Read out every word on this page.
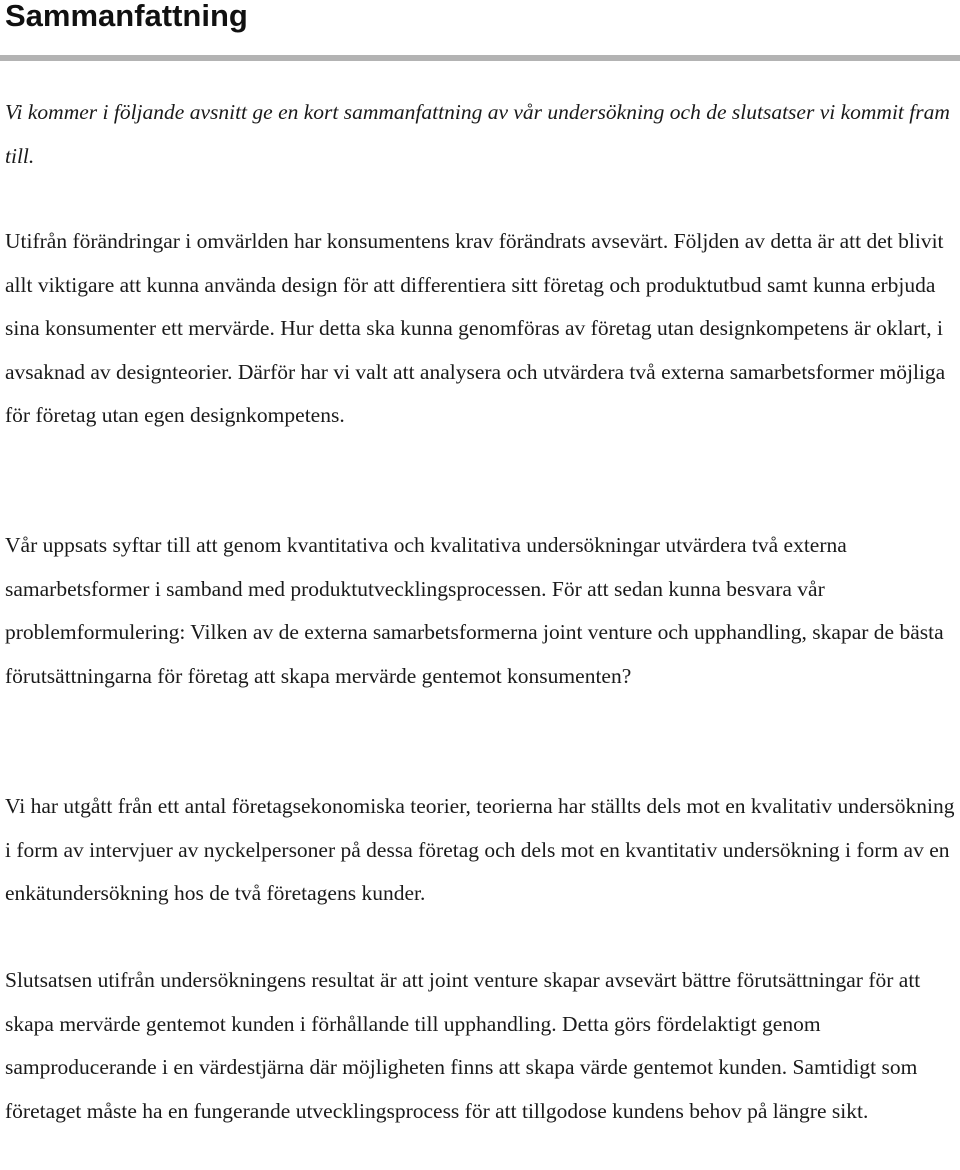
Sammanfattning

Vi kommer i följande avsnitt ge en kort sammanfattning av vår undersökning och de slutsatser vi kommit fram till.

Utifrån förändringar i omvärlden har konsumentens krav förändrats avsevärt. Följden av detta är att det blivit allt viktigare att kunna använda design för att differentiera sitt företag och produktutbud samt kunna erbjuda sina konsumenter ett mervärde. Hur detta ska kunna genomföras av företag utan designkompetens är oklart, i avsaknad av designteorier. Därför har vi valt att analysera och utvärdera två externa samarbetsformer möjliga för företag utan egen designkompetens.

Vår uppsats syftar till att genom kvantitativa och kvalitativa undersökningar utvärdera två externa samarbetsformer i samband med produktutvecklingsprocessen. För att sedan kunna besvara vår problemformulering: Vilken av de externa samarbetsformerna joint venture och upphandling, skapar de bästa förutsättningarna för företag att skapa mervärde gentemot konsumenten?

Vi har utgått från ett antal företagsekonomiska teorier, teorierna har ställts dels mot en kvalitativ undersökning i form av intervjuer av nyckelpersoner på dessa företag och dels mot en kvantitativ undersökning i form av en enkätundersökning hos de två företagens kunder.

Slutsatsen utifrån undersökningens resultat är att joint venture skapar avsevärt bättre förutsättningar för att skapa mervärde gentemot kunden i förhållande till upphandling. Detta görs fördelaktigt genom samproducerande i en värdestjärna där möjligheten finns att skapa värde gentemot kunden. Samtidigt som företaget måste ha en fungerande utvecklingsprocess för att tillgodose kundens behov på längre sikt.
